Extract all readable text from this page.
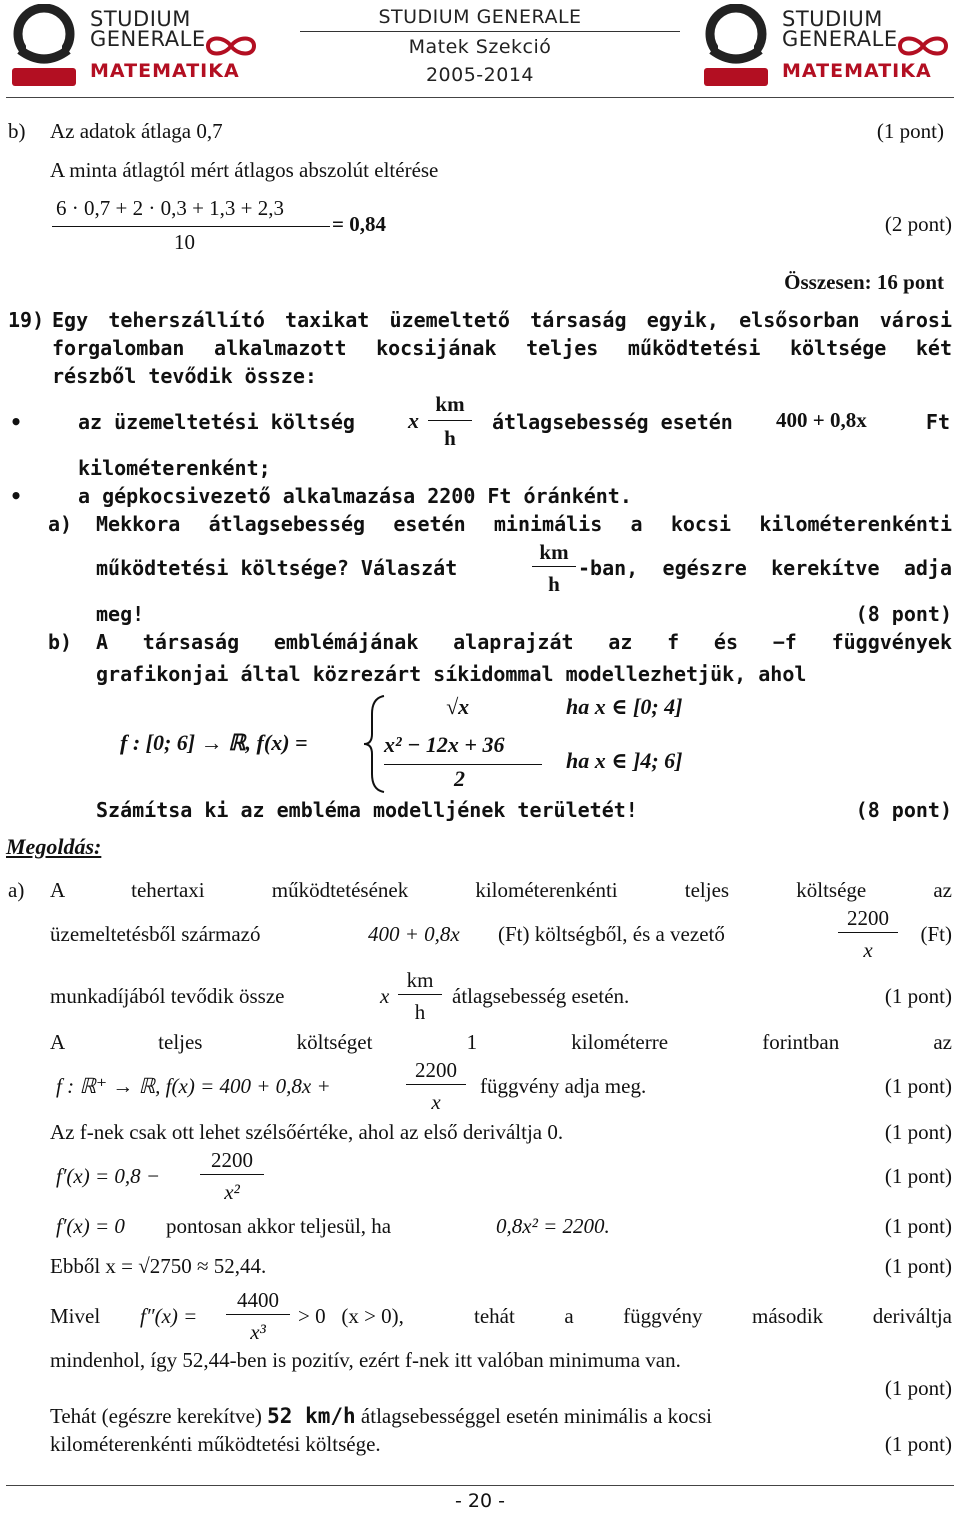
STUDIUM
GENERALE
MATEMATIKA
STUDIUM GENERALE
Matek Szekció
2005-2014
STUDIUM
GENERALE
MATEMATIKA
b) Az adatok átlaga 0,7	(1 pont)
A minta átlagtól mért átlagos abszolút eltérése
6 · 0,7 + 2 · 0,3 + 1,3 + 2,3
10
= 0,84	(2 pont)
Összesen: 16 pont
19) Egy teherszállító taxikat üzemeltető társaság egyik, elsősorban városi
forgalomban alkalmazott kocsijának teljes működtetési költsége két
részből tevődik össze:
•	az üzemeltetési költség x
km
h
átlagsebesség esetén 400 + 0,8x	Ft
kilométerenként;
•	a gépkocsivezető alkalmazása 2200 Ft óránként.
a) Mekkora átlagsebesség esetén minimális a kocsi kilométerenkénti
működtetési költsége? Válaszát
km
h
-ban, egészre kerekítve adja
meg!	(8 pont)
b) A társaság emblémájának alaprajzát az f és −f függvények
grafikonjai által közrezárt síkidommal modellezhetjük, ahol
f : [0; 6] → ℝ, f(x) =
√x	ha x ∈ [0; 4]
x² − 12x + 36
2
ha x ∈ ]4; 6]
Számítsa ki az embléma modelljének területét!	(8 pont)
Megoldás:
a) A tehertaxi működtetésének kilométerenkénti teljes költsége az
üzemeltetésből származó	400 + 0,8x (Ft) költségből, és a vezető
2200
x
(Ft)
munkadíjából tevődik össze	x
km
h
átlagsebesség esetén.	(1 pont)
A teljes költséget 1 kilométerre forintban az
f : ℝ⁺ → ℝ, f(x) = 400 + 0,8x +
2200
x
függvény adja meg.	(1 pont)
Az f-nek csak ott lehet szélsőértéke, ahol az első deriváltja 0.	(1 pont)
f′(x) = 0,8 −
2200
x²
(1 pont)
f′(x) = 0 pontosan akkor teljesül, ha	0,8x² = 2200.	(1 pont)
Ebből x = √2750 ≈ 52,44.	(1 pont)
Mivel f″(x) =
4400
x³
> 0   (x > 0),	tehát a függvény második deriváltja
mindenhol, így 52,44-ben is pozitív, ezért f-nek itt valóban minimuma van.
(1 pont)
Tehát (egészre kerekítve) 52 km/h átlagsebességgel esetén minimális a kocsi
kilométerenkénti működtetési költsége.	(1 pont)
- 20 -
